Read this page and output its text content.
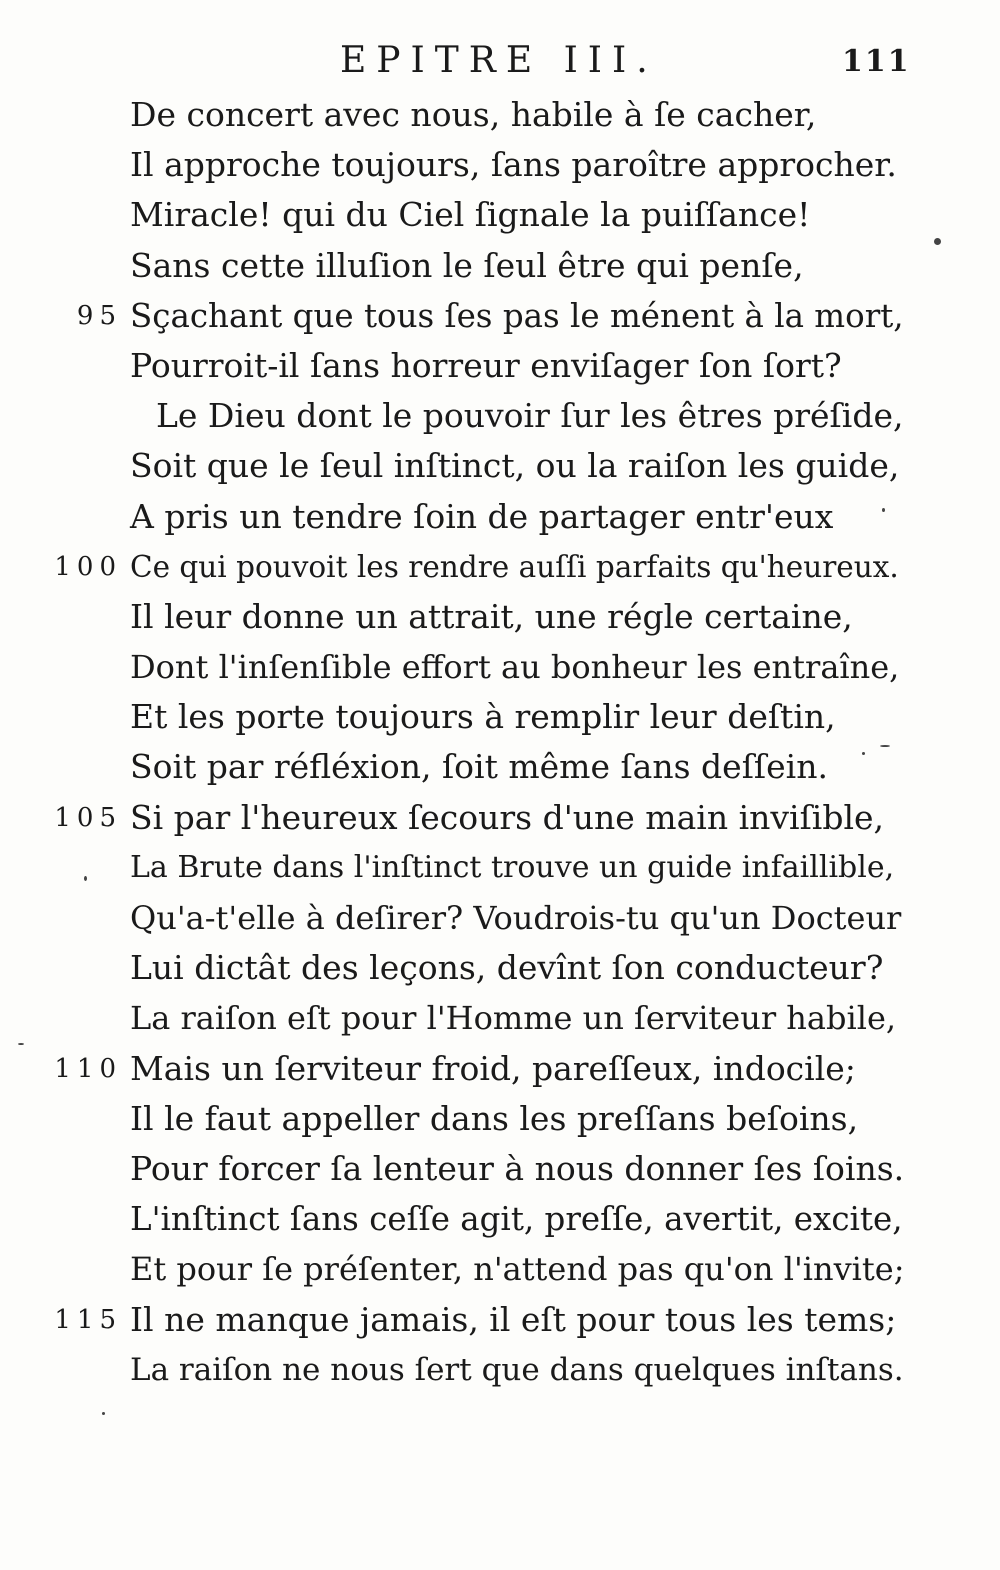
EPITRE III.	111
De concert avec nous, habile à ſe cacher,
Il approche toujours, ſans paroître approcher.
Miracle! qui du Ciel ſignale la puiſſance!
Sans cette illuſion le ſeul être qui penſe,
95 Sçachant que tous ſes pas le ménent à la mort,
Pourroit-il ſans horreur enviſager ſon ſort?
Le Dieu dont le pouvoir ſur les êtres préſide,
Soit que le ſeul inſtinct, ou la raiſon les guide,
A pris un tendre ſoin de partager entr'eux
100 Ce qui pouvoit les rendre auſſi parfaits qu'heureux.
Il leur donne un attrait, une régle certaine,
Dont l'inſenſible effort au bonheur les entraîne,
Et les porte toujours à remplir leur deſtin,
Soit par réfléxion, ſoit même ſans deſſein.
105 Si par l'heureux ſecours d'une main inviſible,
La Brute dans l'inſtinct trouve un guide infaillible,
Qu'a-t'elle à deſirer? Voudrois-tu qu'un Docteur
Lui dictât des leçons, devînt ſon conducteur?
La raiſon eſt pour l'Homme un ſerviteur habile,
110 Mais un ſerviteur froid, pareſſeux, indocile;
Il le faut appeller dans les preſſans beſoins,
Pour forcer ſa lenteur à nous donner ſes ſoins.
L'inſtinct ſans ceſſe agit, preſſe, avertit, excite,
Et pour ſe préſenter, n'attend pas qu'on l'invite;
115 Il ne manque jamais, il eſt pour tous les tems;
La raiſon ne nous ſert que dans quelques inſtans.
